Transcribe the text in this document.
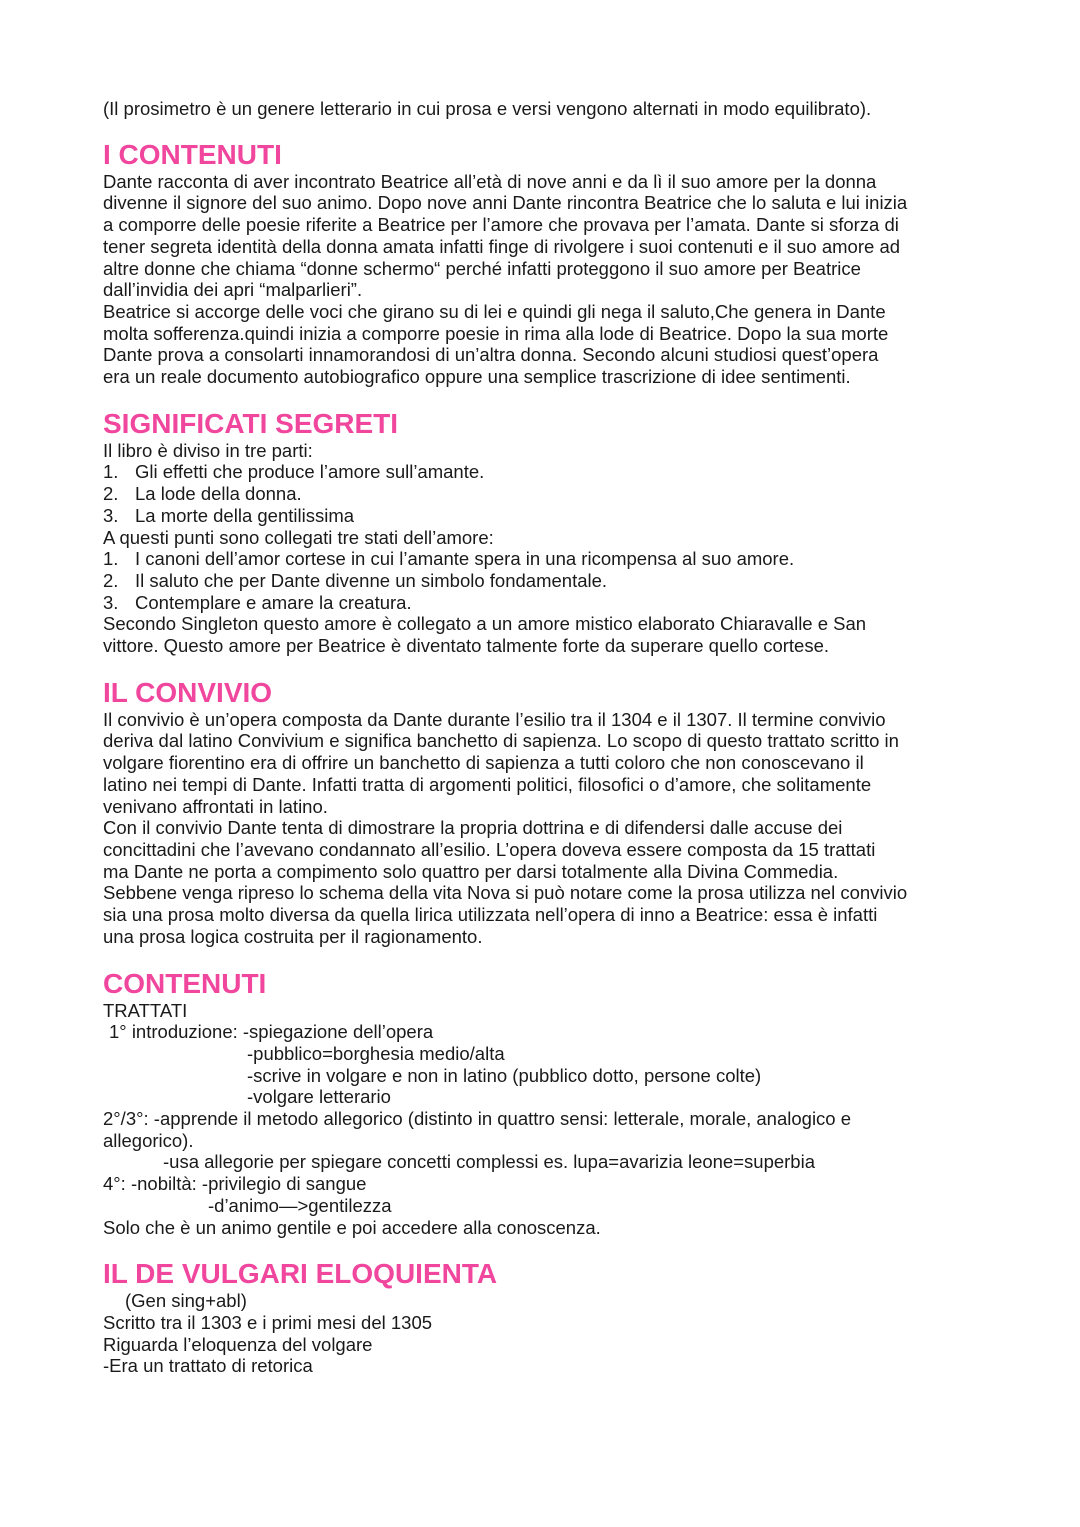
(Il prosimetro è un genere letterario in cui prosa e versi vengono alternati in modo equilibrato).

I CONTENUTI

Dante racconta di aver incontrato Beatrice all’età di nove anni e da lì il suo amore per la donna

divenne il signore del suo animo. Dopo nove anni Dante rincontra Beatrice che lo saluta e lui inizia

a comporre delle poesie riferite a Beatrice per l’amore che provava per l’amata. Dante si sforza di

tener segreta identità della donna amata infatti finge di rivolgere i suoi contenuti e il suo amore ad

altre donne che chiama “donne schermo“ perché infatti proteggono il suo amore per Beatrice

dall’invidia dei apri “malparlieri”.

Beatrice si accorge delle voci che girano su di lei e quindi gli nega il saluto,Che genera in Dante

molta sofferenza.quindi inizia a comporre poesie in rima alla lode di Beatrice. Dopo la sua morte

Dante prova a consolarti innamorandosi di un’altra donna. Secondo alcuni studiosi quest’opera

era un reale documento autobiografico oppure una semplice trascrizione di idee sentimenti.

SIGNIFICATI SEGRETI

Il libro è diviso in tre parti:

1. Gli effetti che produce l’amore sull’amante.
2. La lode della donna.
3. La morte della gentilissima

A questi punti sono collegati tre stati dell’amore:

1. I canoni dell’amor cortese in cui l’amante spera in una ricompensa al suo amore.
2. Il saluto che per Dante divenne un simbolo fondamentale.
3. Contemplare e amare la creatura.

Secondo Singleton questo amore è collegato a un amore mistico elaborato Chiaravalle e San

vittore. Questo amore per Beatrice è diventato talmente forte da superare quello cortese.

IL CONVIVIO

Il convivio è un’opera composta da Dante durante l’esilio tra il 1304 e il 1307. Il termine convivio

deriva dal latino Convivium e significa banchetto di sapienza. Lo scopo di questo trattato scritto in

volgare fiorentino era di offrire un banchetto di sapienza a tutti coloro che non conoscevano il

latino nei tempi di Dante. Infatti tratta di argomenti politici, filosofici o d’amore, che solitamente

venivano affrontati in latino.

Con il convivio Dante tenta di dimostrare la propria dottrina e di difendersi dalle accuse dei

concittadini che l’avevano condannato all’esilio. L’opera doveva essere composta da 15 trattati

ma Dante ne porta a compimento solo quattro per darsi totalmente alla Divina Commedia.

Sebbene venga ripreso lo schema della vita Nova si può notare come la prosa utilizza nel convivio

sia una prosa molto diversa da quella lirica utilizzata nell’opera di inno a Beatrice: essa è infatti

una prosa logica costruita per il ragionamento.

CONTENUTI

TRATTATI

1° introduzione: -spiegazione dell’opera

-pubblico=borghesia medio/alta

-scrive in volgare e non in latino (pubblico dotto, persone colte)

-volgare letterario

2°/3°: -apprende il metodo allegorico (distinto in quattro sensi: letterale, morale, analogico e

allegorico).

-usa allegorie per spiegare concetti complessi es. lupa=avarizia leone=superbia

4°: -nobiltà: -privilegio di sangue

-d’animo—>gentilezza

Solo che è un animo gentile e poi accedere alla conoscenza.

IL DE VULGARI ELOQUIENTA

(Gen sing+abl)

Scritto tra il 1303 e i primi mesi del 1305

Riguarda l’eloquenza del volgare

-Era un trattato di retorica
